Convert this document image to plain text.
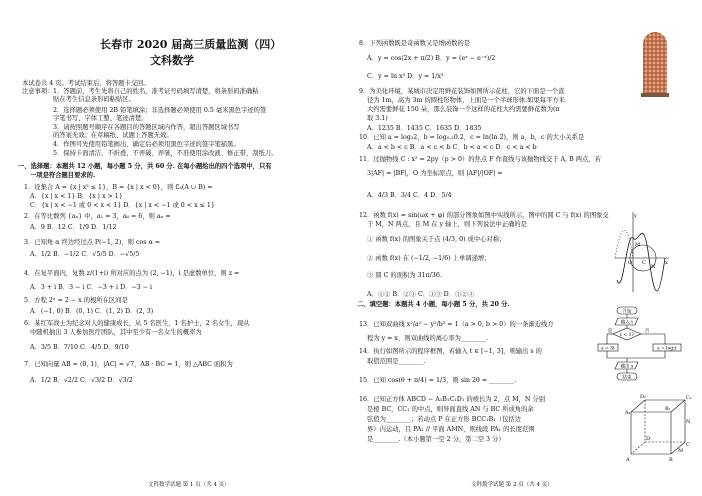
长春市 2020 届高三质量监测（四）
文科数学
本试卷共 4 页。考试结束后，将答题卡交回。
注意事项： 1．答题前，考生先将自己的姓名、准考证号码填写清楚，将条形码准确粘
贴在考生信息条形码粘贴区。
2．选择题必须使用 2B 铅笔填涂；非选择题必须使用 0.5 毫米黑色字迹的签
字笔书写，字体工整、笔迹清楚。
3．请按照题号顺序在各题目的答题区域内作答，超出答题区域书写
的答案无效；在草稿纸、试题上答题无效。
4．作图可先使用铅笔画出，确定后必须用黑色字迹的签字笔描黑。
5．保持卡面清洁，不折叠，不弄破、弄皱，不准使用涂改液、修正带、刮纸刀。
一、选择题：本题共 12 小题，每小题 5 分，共 60 分. 在每小题给出的四个选项中，只有
一项是符合题目要求的.
1．设集合 A = {x | x² ≤ 1}，B = {x | x < 0}，则 ∁ᵤ(A ∪ B) =
A．{x | x < 1} B．{x | x > 1}
C．{x | x < −1 或 0 < x < 1} D．{x | x < −1 或 0 < x ≤ 1}
2．在等比数列 {aₙ} 中，a₁ = 3，a₆ = 6，则 aₙ =
A．9 B．12 C．1/9 D．1/12
3．已知角 α 终边经过点 P(−1, 2)，则 cos α =
A．1/2 B．−1/2 C．√5/5 D．−√5/5
4．在复平面内，复数 z/(1+i) 所对应的点为 (2, −1)，i 是虚数单位，则 z =
A．3 + i B．3 − i C．−3 + i D．−3 − i
5．方程 2ˣ = 2 − x 的根所在区间是
A．(−1, 0) B．(0, 1) C．(1, 2) D．(2, 3)
6．某红军战士为纪念对人的健康成长，从 5 名医生、1 名护士，2 名女生，现从
中随机抽出 3 人参加医疗团队，其中至少有一名女生的概率为
A．3/5 B．7/10 C．4/5 D．9/10
7．已知向量 AB = (0, 1)，|AC| = √7，AB · BC = 1，则 △ABC 面积为
A．1/2 B．√2/2 C．√3/2 D．√3/2
文科数学试题 第 1 页（共 4 页）
8．下列函数既是奇函数又是增函数的是
A．y = cos(2x + π/2) B．y = (eˣ − e⁻ˣ)/2
C．y = ln x³ D．y = 1/x³
9．为美化环境，某城市决定用鲜花装饰如图所示花柱，它的下面是一个直
径为 1m，高为 3m 的圆柱形物体，上面是一个半球形体.如果每平方米
大约需要鲜花 150 朵，那么装饰一个这样的花柱大约需要鲜花数为(π
取 3.1)
A．1235 B．1435 C．1635 D．1835
10．已知 a = log₃2，b = log₀.₂0.2，c = ln(ln 2)，则 a，b，c 的大小关系是
A．a < b < c B．a < c < b C．b < a < c D．c < a < b
11．过抛物线 C : x² = 2py（p > 0）的焦点 F 作直线与该抛物线交于 A, B 两点，若
3|AF| = |BF|，O 为坐标原点，则 |AF|/|OF| =
A．4/3 B．3/4 C．4 D．5/4
12．函数 f(x) = sin(ωx + φ) 的部分图象如图中实线所示，图中的圆 C 与 f(x) 的图象交
于 M，N 两点，且 M 在 y 轴上，则下列说法中正确的是
① 函数 f(x) 的图象关于点 (4/3, 0) 成中心对称；
② 函数 f(x) 在 (−1/2, −1/6) 上单调递增；
③ 圆 C 的面积为 31π/36.
A．①② B．②③ C．①③ D．①②③
二、填空题：本题共 4 小题，每小题 5 分，共 20 分.
13．已知双曲线 x²/a² − y²/b² = 1（a > 0, b > 0）的一条渐近线方
程为 y = x，则双曲线的离心率为________.
14．执行如图所示的程序框图，若输入 t ∈ [−1, 3]，则输出 s 的
取值范围是________.
15．已知 cos(θ + π/4) = 1/3，则 sin 2θ = ________.
16．已知正方体 ABCD − A₁B₁C₁D₁ 的棱长为 2，点 M，N 分别
是棱 BC，CC₁ 的中点，则异面直线 AN 与 BC 所成角的余
弦值为________；若动点 P 在正方形 BCC₁B₁（包括边
界）内运动，且 PA₁ // 平面 AMN，则线段 PA₁ 的长度范围
是________.（本小题第一空 2 分，第二空 3 分）
y
x
O C
M
N
开始
输入 t
t < 1?
是	否
s = 3t	s = log₂t
输出 s
结束
A₁
B₁
C₁
D₁
A	B
C
D
M
N
文科数学试题 第 2 页（共 4 页）
